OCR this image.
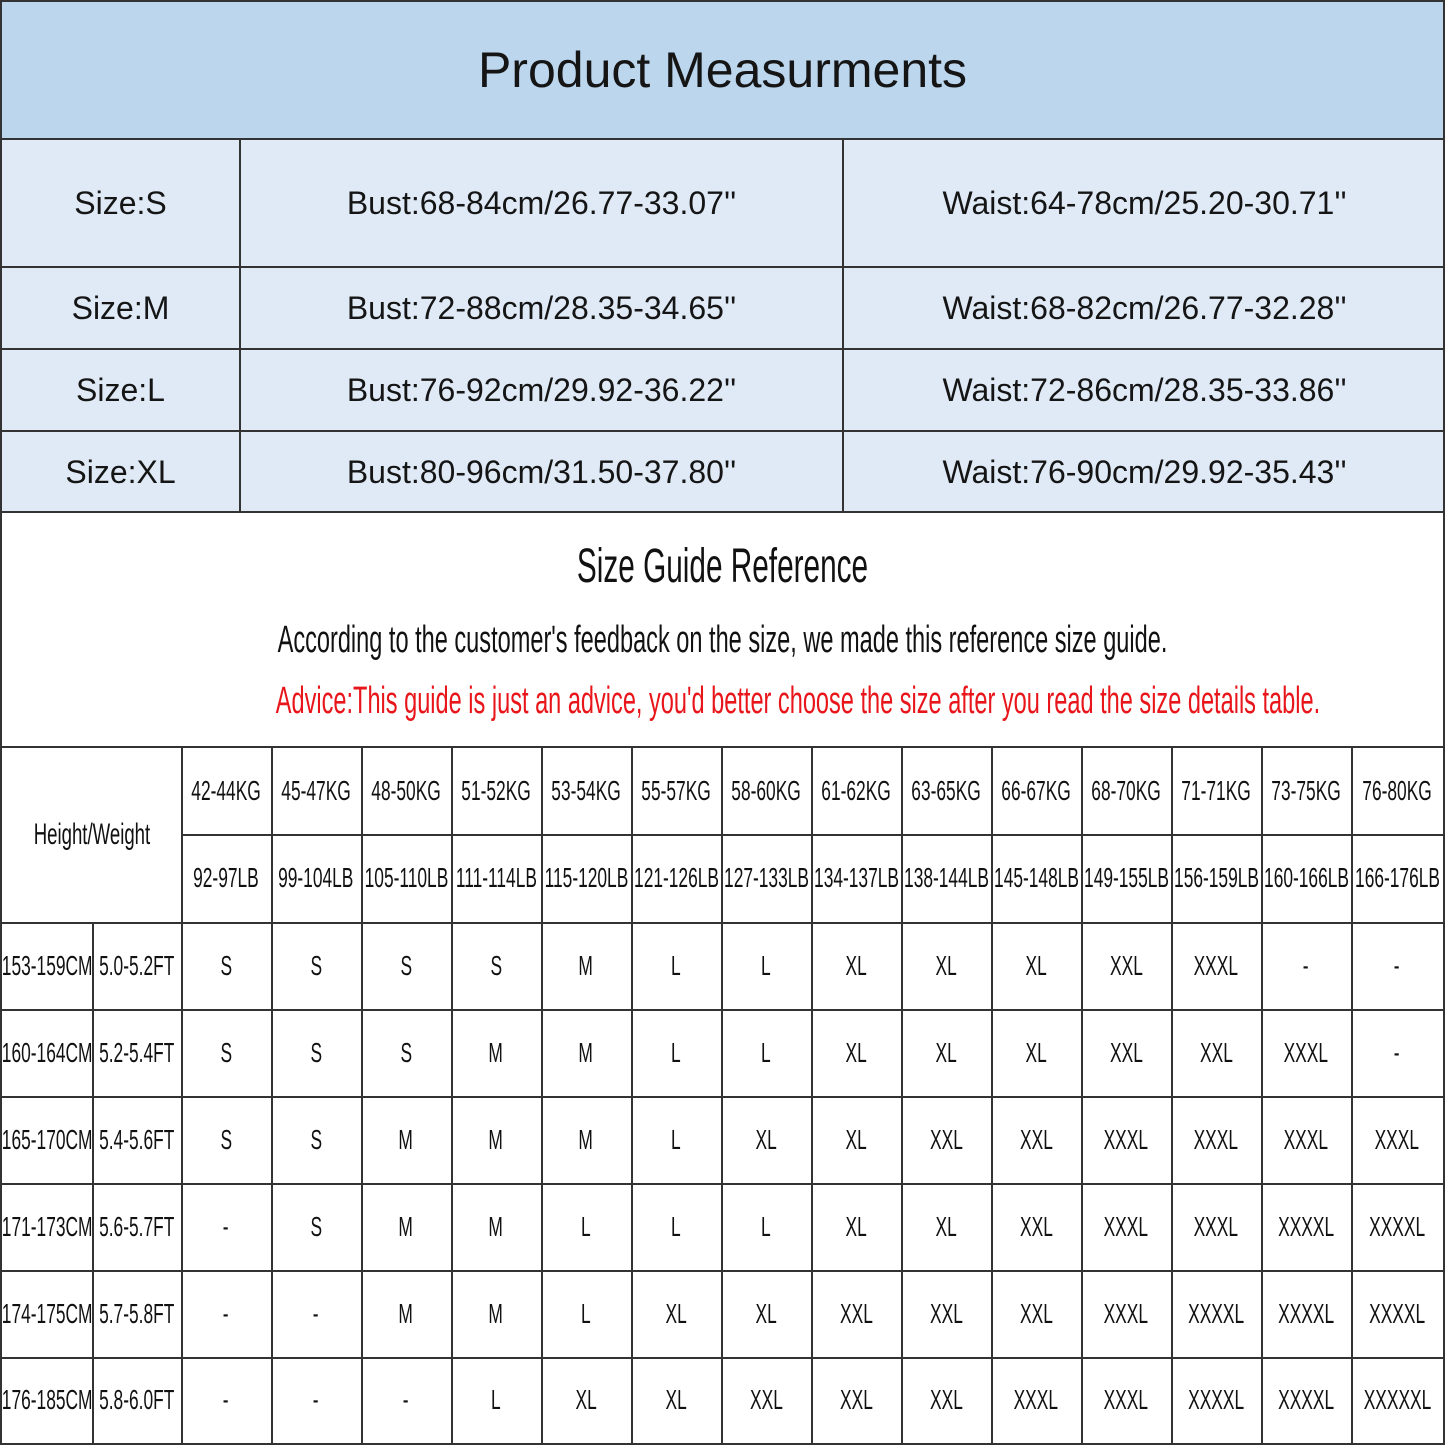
Product Measurments
Size:S	Bust:68-84cm/26.77-33.07''	Waist:64-78cm/25.20-30.71''
Size:M	Bust:72-88cm/28.35-34.65''	Waist:68-82cm/26.77-32.28''
Size:L	Bust:76-92cm/29.92-36.22''	Waist:72-86cm/28.35-33.86''
Size:XL	Bust:80-96cm/31.50-37.80''	Waist:76-90cm/29.92-35.43''
Size Guide Reference
According to the customer's feedback on the size, we made this reference size guide.
Advice:This guide is just an advice, you'd better choose the size after you read the size details table.
Height/Weight
42-44KG 45-47KG 48-50KG 51-52KG 53-54KG 55-57KG 58-60KG 61-62KG 63-65KG 66-67KG 68-70KG 71-71KG 73-75KG 76-80KG
92-97LB 99-104LB 105-110LB 111-114LB 115-120LB 121-126LB 127-133LB 134-137LB 138-144LB 145-148LB 149-155LB 156-159LB 160-166LB 166-176LB
153-159CM 5.0-5.2FT S	S	S	S	M	L	L	XL XL XL XXL XXXL -	-
160-164CM 5.2-5.4FT S	S	S	M	M	L	L	XL XL XL XXL XXL XXXL -
165-170CM 5.4-5.6FT S	S	M	M	M	L	XL XL XXL XXL XXXL XXXL XXXL XXXL
171-173CM 5.6-5.7FT -	S	M	M	L	L	L	XL XL XXL XXXL XXXL XXXXL XXXXL
174-175CM 5.7-5.8FT -	-	M	M	L	XL XL XXL XXL XXL XXXL XXXXL XXXXL XXXXL
176-185CM 5.8-6.0FT -	-	-	L	XL XL XXL XXL XXL XXXL XXXL XXXXL XXXXL XXXXXL
